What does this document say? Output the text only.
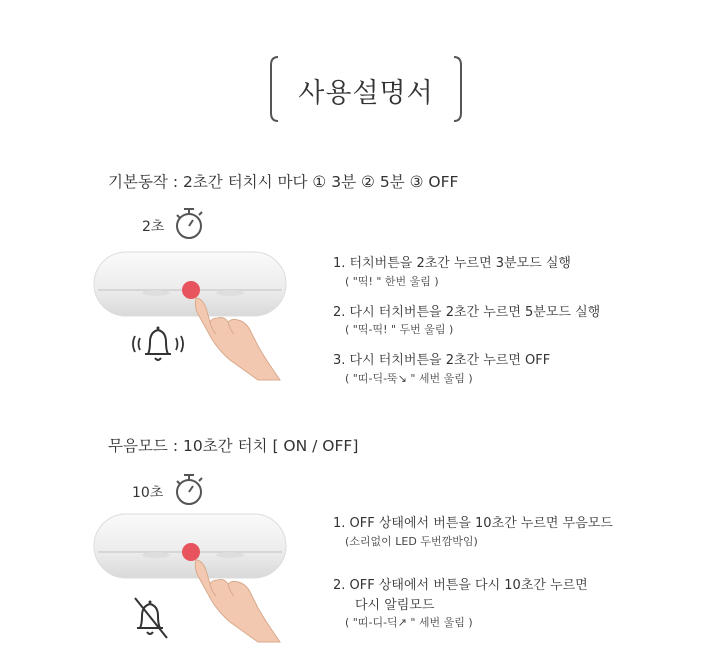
사용설명서
기본동작 : 2초간 터치시 마다 ① 3분 ② 5분 ③ OFF
2초
1. 터치버튼을 2초간 누르면 3분모드 실행
( "띡! " 한번 울림 )
2. 다시 터치버튼을 2초간 누르면 5분모드 실행
( "띡-띡! " 두번 울림 )
3. 다시 터치버튼을 2초간 누르면 OFF
( "띠-딕-뚝↘ " 세번 울림 )
무음모드 : 10초간 터치 [ ON / OFF]
10초
1. OFF 상태에서 버튼을 10초간 누르면 무음모드
(소리없이 LED 두번깜박임)
2. OFF 상태에서 버튼을 다시 10초간 누르면
다시 알림모드
( "띠-디-딕↗ " 세번 울림 )
